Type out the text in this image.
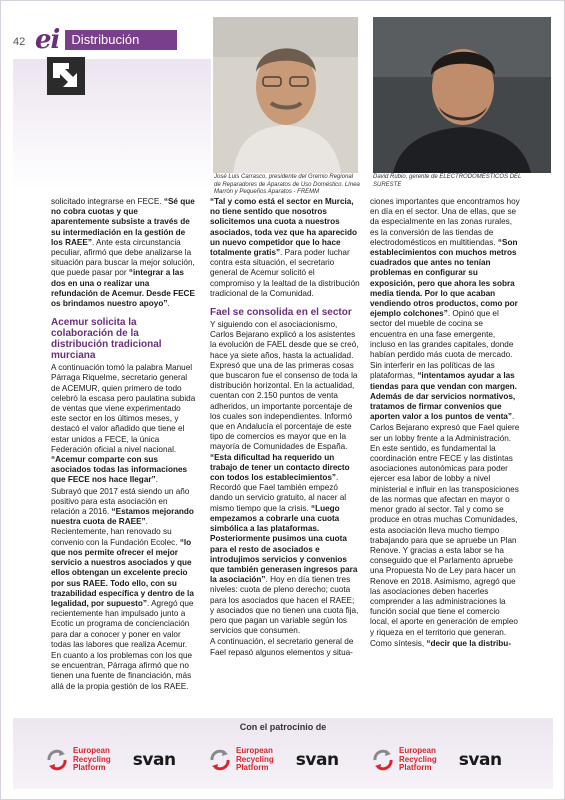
42 ei Distribución
José Luis Carrasco, presidente del Gremio Regional de Reparadores de Aparatos de Uso Doméstico. Línea Marrón y Pequeños Aparatos - FREMM
David Rubio, gerente de ELECTRODOMÉSTICOS DEL SURESTE

solicitado integrarse en FECE. “Sé que no cobra cuotas y que aparentemente subsiste a través de su intermediación en la gestión de los RAEE”. Ante esta circunstancia peculiar, afirmó que debe analizarse la situación para buscar la mejor solución, que puede pasar por “integrar a las dos en una o realizar una refundación de Acemur. Desde FECE os brindamos nuestro apoyo”.

Acemur solicita la colaboración de la distribución tradicional murciana

A continuación tomó la palabra Manuel Párraga Riquelme, secretario general de ACEMUR, quien primero de todo celebró la escasa pero paulatina subida de ventas que viene experimentado este sector en los últimos meses, y destacó el valor añadido que tiene el estar unidos a FECE, la única Federación oficial a nivel nacional. “Acemur comparte con sus asociados todas las informaciones que FECE nos hace llegar”.

Subrayó que 2017 está siendo un año positivo para esta asociación en relación a 2016. “Estamos mejorando nuestra cuota de RAEE”. Recientemente, han renovado su convenio con la Fundación Ecolec. “lo que nos permite ofrecer el mejor servicio a nuestros asociados y que ellos obtengan un excelente precio por sus RAEE. Todo ello, con su trazabilidad específica y dentro de la legalidad, por supuesto”. Agregó que recientemente han impulsado junto a Ecotic un programa de concienciación para dar a conocer y poner en valor todas las labores que realiza Acemur.

En cuanto a los problemas con los que se encuentran, Párraga afirmó que no tienen una fuente de financiación, más allá de la propia gestión de los RAEE.

“Tal y como está el sector en Murcia, no tiene sentido que nosotros solicitemos una cuota a nuestros asociados, toda vez que ha aparecido un nuevo competidor que lo hace totalmente gratis”. Para poder luchar contra esta situación, el secretario general de Acemur solicitó el compromiso y la lealtad de la distribución tradicional de la Comunidad.

Fael se consolida en el sector

Y siguiendo con el asociacionismo, Carlos Bejarano explicó a los asistentes la evolución de FAEL desde que se creó, hace ya siete años, hasta la actualidad. Expresó que una de las primeras cosas que buscaron fue el consenso de toda la distribución horizontal. En la actualidad, cuentan con 2.150 puntos de venta adheridos, un importante porcentaje de los cuales son independientes. Informó que en Andalucía el porcentaje de este tipo de comercios es mayor que en la mayoría de Comunidades de España. “Esta dificultad ha requerido un trabajo de tener un contacto directo con todos los establecimientos”. Recordó que Fael también empezó dando un servicio gratuito, al nacer al mismo tiempo que la crisis. “Luego empezamos a cobrarle una cuota simbólica a las plataformas. Posteriormente pusimos una cuota para el resto de asociados e introdujimos servicios y convenios que también generasen ingresos para la asociación”. Hoy en día tienen tres niveles: cuota de pleno derecho; cuota para los asociados que hacen el RAEE; y asociados que no tienen una cuota fija, pero que pagan un variable según los servicios que consumen.

A continuación, el secretario general de Fael repasó algunos elementos y situa-

ciones importantes que encontramos hoy en día en el sector. Una de ellas, que se da especialmente en las zonas rurales, es la conversión de las tiendas de electrodomésticos en multitiendas. “Son establecimientos con muchos metros cuadrados que antes no tenían problemas en configurar su exposición, pero que ahora les sobra media tienda. Por lo que acaban vendiendo otros productos, como por ejemplo colchones”. Opinó que el sector del mueble de cocina se encuentra en una fase emergente, incluso en las grandes capitales, donde habían perdido más cuota de mercado.

Sin interferir en las políticas de las plataformas, “intentamos ayudar a las tiendas para que vendan con margen. Además de dar servicios normativos, tratamos de firmar convenios que aporten valor a los puntos de venta”.

Carlos Bejarano expresó que Fael quiere ser un lobby frente a la Administración. En este sentido, es fundamental la coordinación entre FECE y las distintas asociaciones autonómicas para poder ejercer esa labor de lobby a nivel ministerial e influir en las transposiciones de las normas que afectan en mayor o menor grado al sector. Tal y como se produce en otras muchas Comunidades, esta asociación lleva mucho tiempo trabajando para que se apruebe un Plan Renove. Y gracias a esta labor se ha conseguido que el Parlamento apruebe una Propuesta No de Ley para hacer un Renove en 2018. Asimismo, agregó que las asociaciones deben hacerles comprender a las administraciones la función social que tiene el comercio local, el aporte en generación de empleo y riqueza en el territorio que generan.

Como síntesis, “decir que la distribu-

Con el patrocinio de
European
Recycling
Platform	svan	European
Recycling
Platform	svan	European
Recycling
Platform	svan
